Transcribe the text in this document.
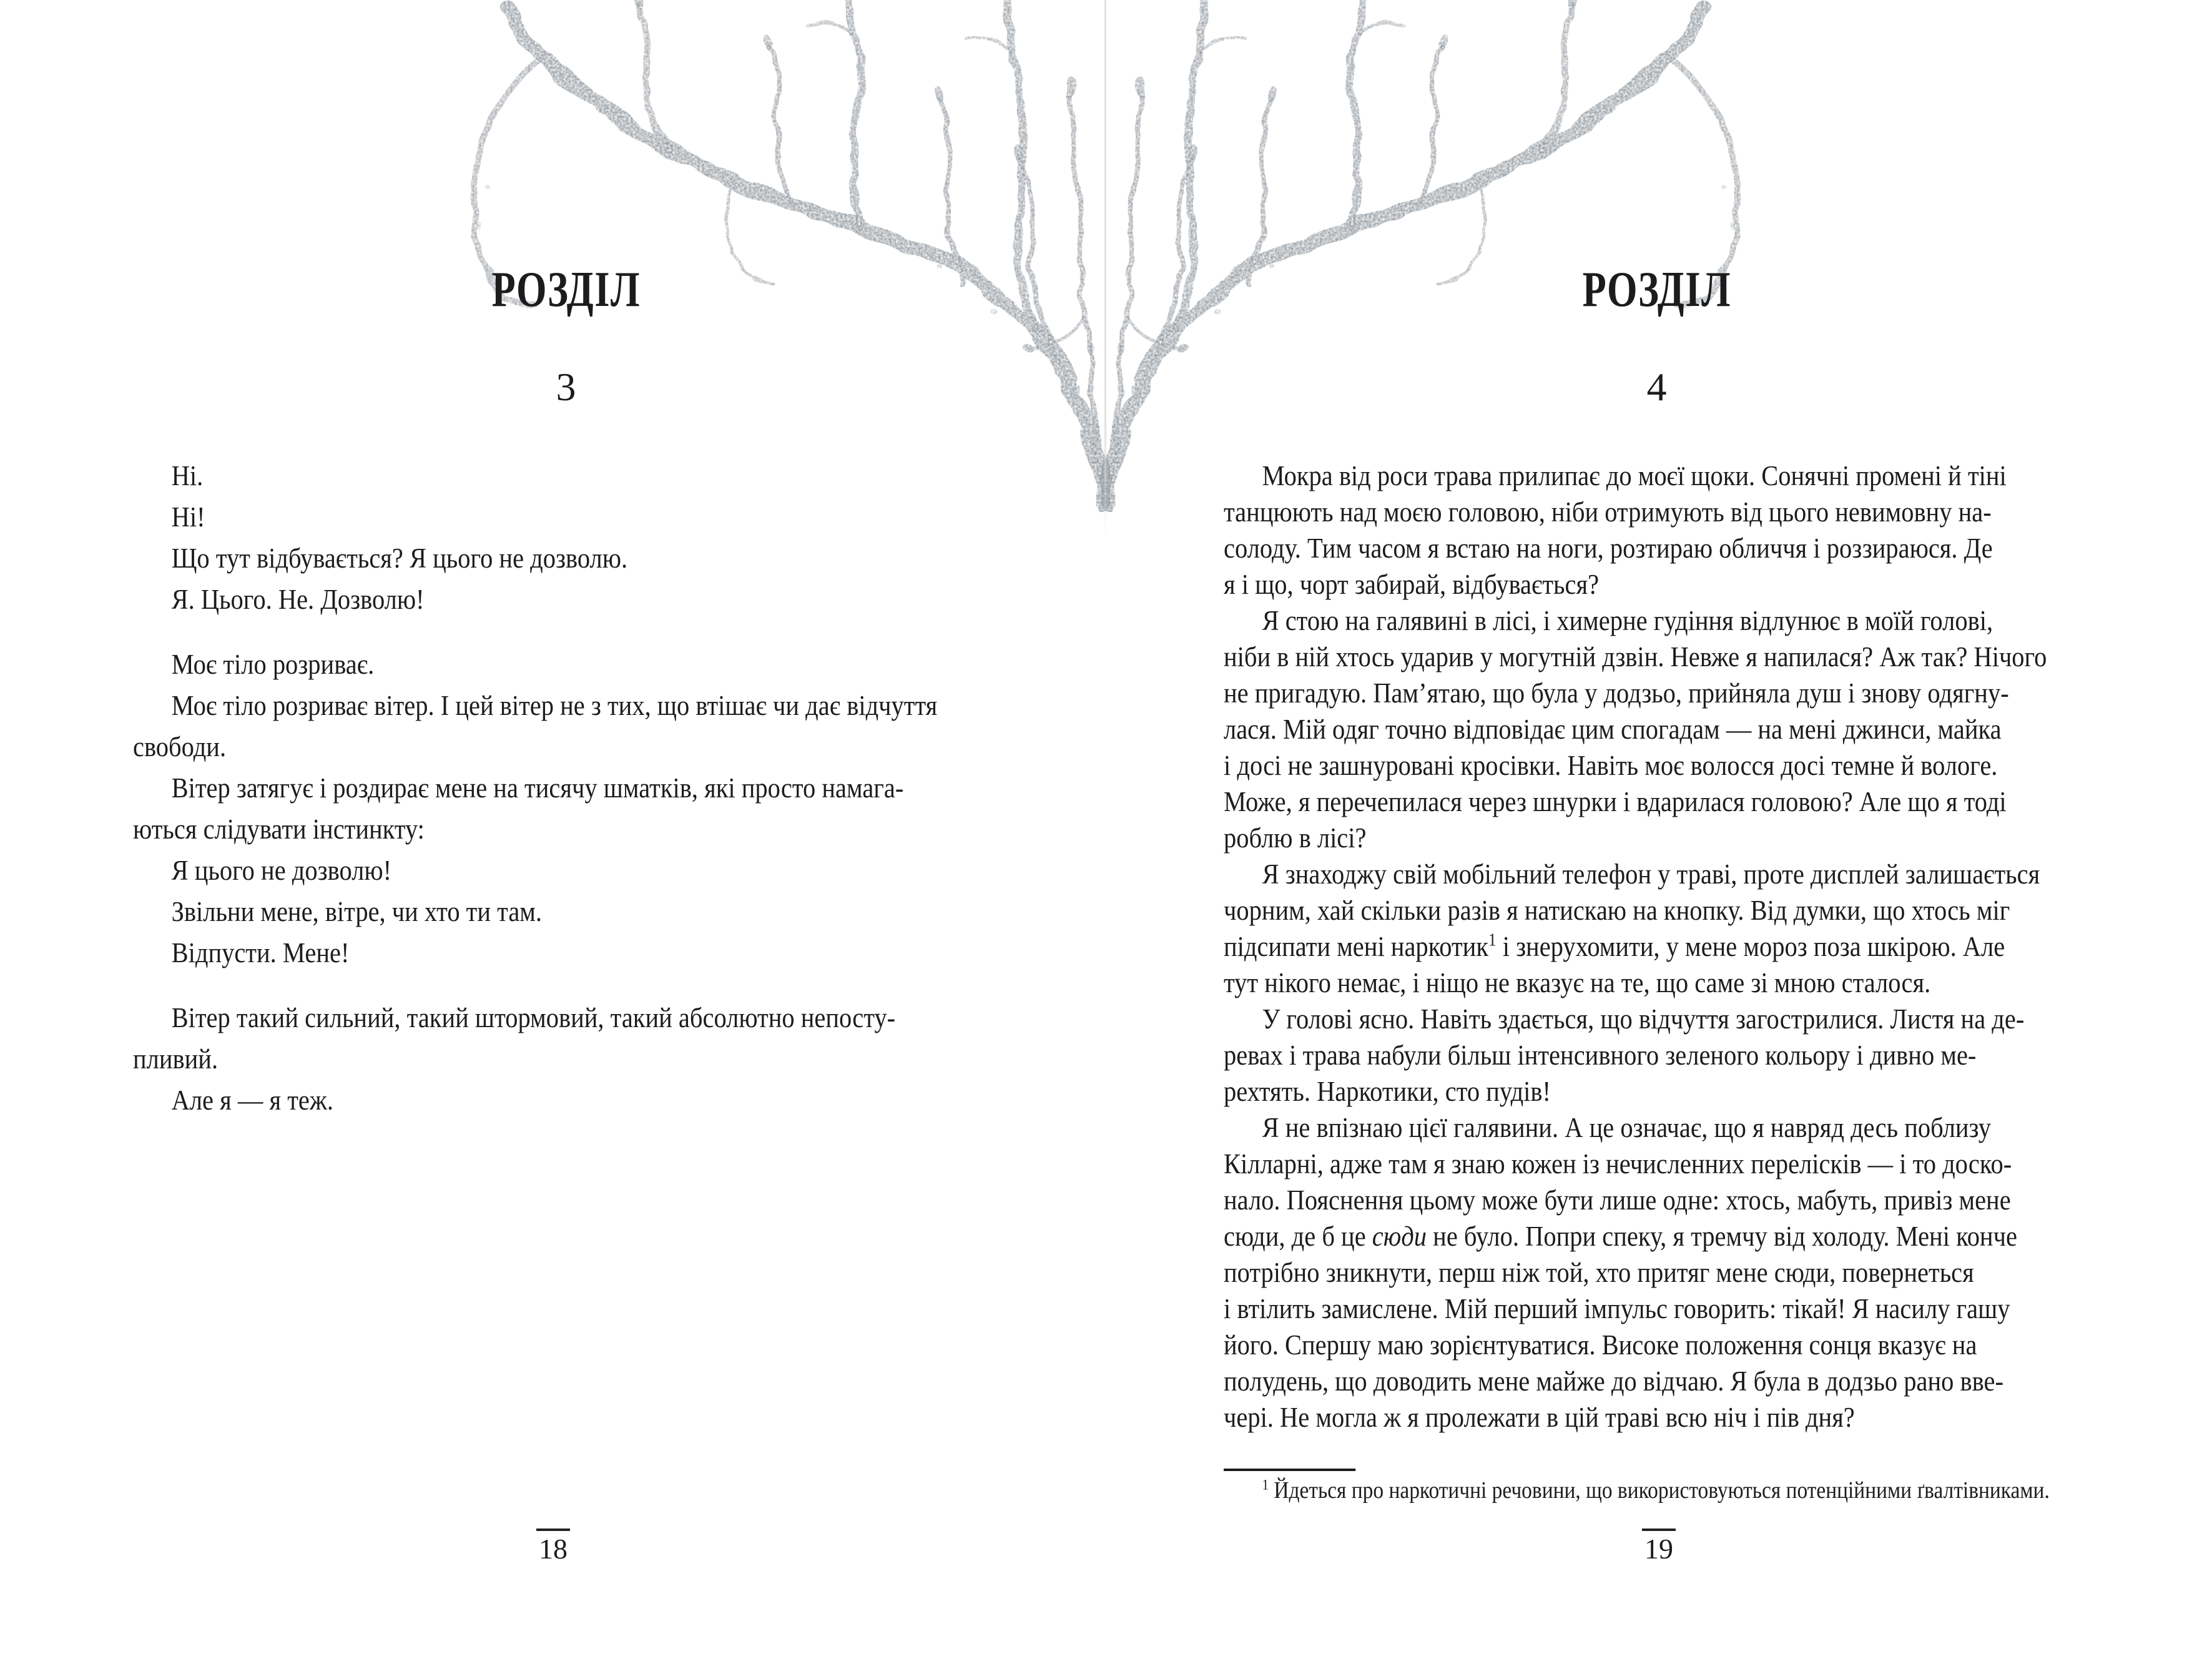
РОЗДІЛ
3
Ні.
Ні!
Що тут відбувається? Я цього не дозволю.
Я. Цього. Не. Дозволю!
Моє тіло розриває.
Моє тіло розриває вітер. І цей вітер не з тих, що втішає чи дає відчуття
свободи.
Вітер затягує і роздирає мене на тисячу шматків, які просто намага-
ються слідувати інстинкту:
Я цього не дозволю!
Звільни мене, вітре, чи хто ти там.
Відпусти. Мене!
Вітер такий сильний, такий штормовий, такий абсолютно непосту-
пливий.
Але я — я теж.
18
РОЗДІЛ
4
Мокра від роси трава прилипає до моєї щоки. Сонячні промені й тіні
танцюють над моєю головою, ніби отримують від цього невимовну на-
солоду. Тим часом я встаю на ноги, розтираю обличчя і роззираюся. Де
я і що, чорт забирай, відбувається?
Я стою на галявині в лісі, і химерне гудіння відлунює в моїй голові,
ніби в ній хтось ударив у могутній дзвін. Невже я напилася? Аж так? Нічого
не пригадую. Пам’ятаю, що була у додзьо, прийняла душ і знову одягну-
лася. Мій одяг точно відповідає цим спогадам — на мені джинси, майка
і досі не зашнуровані кросівки. Навіть моє волосся досі темне й вологе.
Може, я перечепилася через шнурки і вдарилася головою? Але що я тоді
роблю в лісі?
Я знаходжу свій мобільний телефон у траві, проте дисплей залишається
чорним, хай скільки разів я натискаю на кнопку. Від думки, що хтось міг
підсипати мені наркотик$^1$ і знерухомити, у мене мороз поза шкірою. Але
тут нікого немає, і ніщо не вказує на те, що саме зі мною сталося.
У голові ясно. Навіть здається, що відчуття загострилися. Листя на де-
ревах і трава набули більш інтенсивного зеленого кольору і дивно ме-
рехтять. Наркотики, сто пудів!
Я не впізнаю цієї галявини. А це означає, що я навряд десь поблизу
Кілларні, адже там я знаю кожен із нечисленних перелісків — і то доско-
нало. Пояснення цьому може бути лише одне: хтось, мабуть, привіз мене
сюди, де б це сюди не було. Попри спеку, я тремчу від холоду. Мені конче
потрібно зникнути, перш ніж той, хто притяг мене сюди, повернеться
і втілить замислене. Мій перший імпульс говорить: тікай! Я насилу гашу
його. Спершу маю зорієнтуватися. Високе положення сонця вказує на
полудень, що доводить мене майже до відчаю. Я була в додзьо рано вве-
чері. Не могла ж я пролежати в цій траві всю ніч і пів дня?
$^1$ Йдеться про наркотичні речовини, що використовуються потенційними ґвалтівниками.
19
